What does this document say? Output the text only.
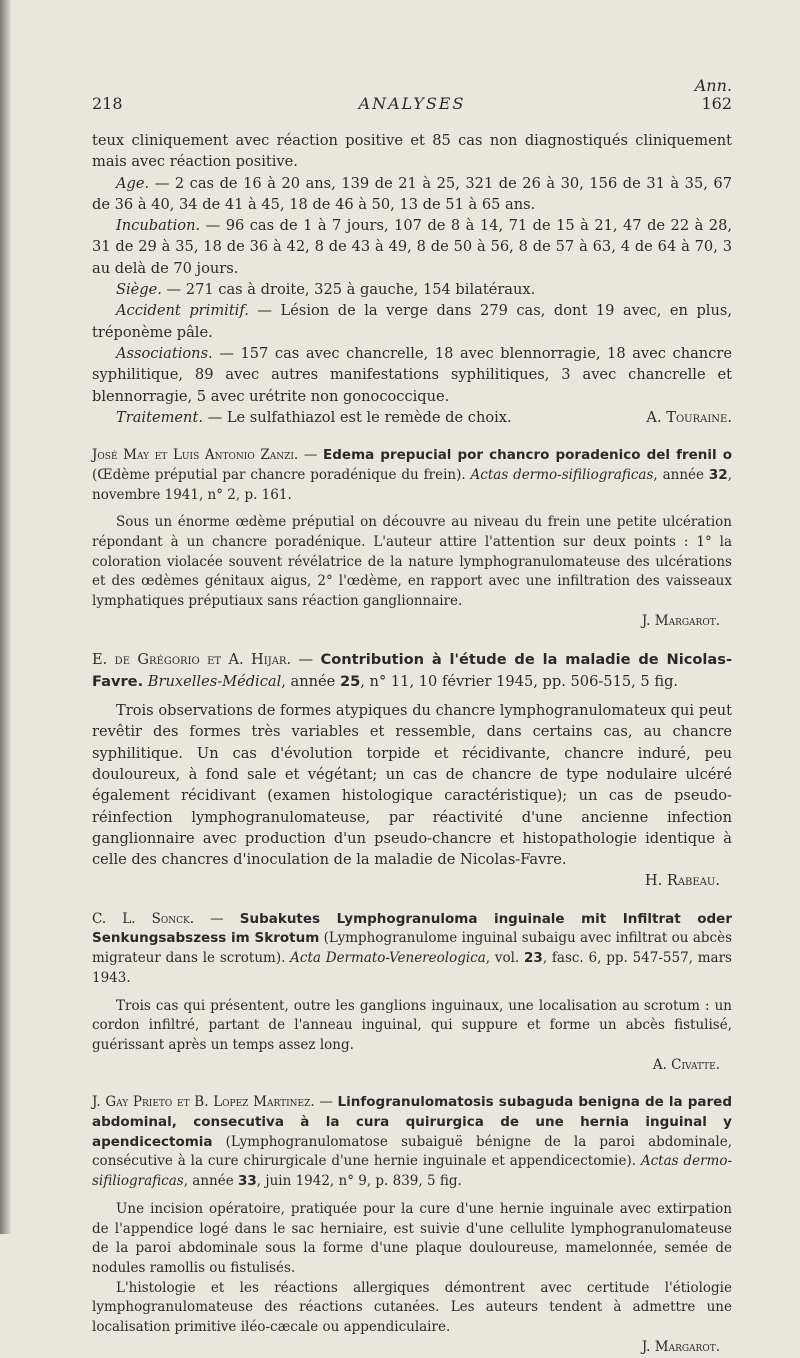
Ann.
218	ANALYSES	162

teux cliniquement avec réaction positive et 85 cas non diagnostiqués cliniquement mais avec réaction positive.

Age. — 2 cas de 16 à 20 ans, 139 de 21 à 25, 321 de 26 à 30, 156 de 31 à 35, 67 de 36 à 40, 34 de 41 à 45, 18 de 46 à 50, 13 de 51 à 65 ans.

Incubation. — 96 cas de 1 à 7 jours, 107 de 8 à 14, 71 de 15 à 21, 47 de 22 à 28, 31 de 29 à 35, 18 de 36 à 42, 8 de 43 à 49, 8 de 50 à 56, 8 de 57 à 63, 4 de 64 à 70, 3 au delà de 70 jours.

Siège. — 271 cas à droite, 325 à gauche, 154 bilatéraux.

Accident primitif. — Lésion de la verge dans 279 cas, dont 19 avec, en plus, tréponème pâle.

Associations. — 157 cas avec chancrelle, 18 avec blennorragie, 18 avec chancre syphilitique, 89 avec autres manifestations syphilitiques, 3 avec chancrelle et blennorragie, 5 avec urétrite non gonococcique.

Traitement. — Le sulfathiazol est le remède de choix.	A. Touraine.

José May et Luis Antonio Zanzi. — Edema prepucial por chancro poradenico del frenil o (Œdème préputial par chancre poradénique du frein). Actas dermo-sifiliograficas, année 32, novembre 1941, n° 2, p. 161.

Sous un énorme œdème préputial on découvre au niveau du frein une petite ulcération répondant à un chancre poradénique. L'auteur attire l'attention sur deux points : 1° la coloration violacée souvent révélatrice de la nature lymphogranulomateuse des ulcérations et des œdèmes génitaux aigus, 2° l'œdème, en rapport avec une infiltration des vaisseaux lymphatiques préputiaux sans réaction ganglionnaire.

J. Margarot.

E. de Grégorio et A. Hijar. — Contribution à l'étude de la maladie de Nicolas-Favre. Bruxelles-Médical, année 25, n° 11, 10 février 1945, pp. 506-515, 5 fig.

Trois observations de formes atypiques du chancre lymphogranulomateux qui peut revêtir des formes très variables et ressemble, dans certains cas, au chancre syphilitique. Un cas d'évolution torpide et récidivante, chancre induré, peu douloureux, à fond sale et végétant; un cas de chancre de type nodulaire ulcéré également récidivant (examen histologique caractéristique); un cas de pseudo-réinfection lymphogranulomateuse, par réactivité d'une ancienne infection ganglionnaire avec production d'un pseudo-chancre et histopathologie identique à celle des chancres d'inoculation de la maladie de Nicolas-Favre.

H. Rabeau.

C. L. Sonck. — Subakutes Lymphogranuloma inguinale mit Infiltrat oder Senkungsabszess im Skrotum (Lymphogranulome inguinal subaigu avec infiltrat ou abcès migrateur dans le scrotum). Acta Dermato-Venereologica, vol. 23, fasc. 6, pp. 547-557, mars 1943.

Trois cas qui présentent, outre les ganglions inguinaux, une localisation au scrotum : un cordon infiltré, partant de l'anneau inguinal, qui suppure et forme un abcès fistulisé, guérissant après un temps assez long.

A. Civatte.

J. Gay Prieto et B. Lopez Martinez. — Linfogranulomatosis subaguda benigna de la pared abdominal, consecutiva à la cura quirurgica de une hernia inguinal y apendicectomia (Lymphogranulomatose subaiguë bénigne de la paroi abdominale, consécutive à la cure chirurgicale d'une hernie inguinale et appendicectomie). Actas dermo-sifiliograficas, année 33, juin 1942, n° 9, p. 839, 5 fig.

Une incision opératoire, pratiquée pour la cure d'une hernie inguinale avec extirpation de l'appendice logé dans le sac herniaire, est suivie d'une cellulite lymphogranulomateuse de la paroi abdominale sous la forme d'une plaque douloureuse, mamelonnée, semée de nodules ramollis ou fistulisés.

L'histologie et les réactions allergiques démontrent avec certitude l'étiologie lymphogranulomateuse des réactions cutanées. Les auteurs tendent à admettre une localisation primitive iléo-cæcale ou appendiculaire.

J. Margarot.
